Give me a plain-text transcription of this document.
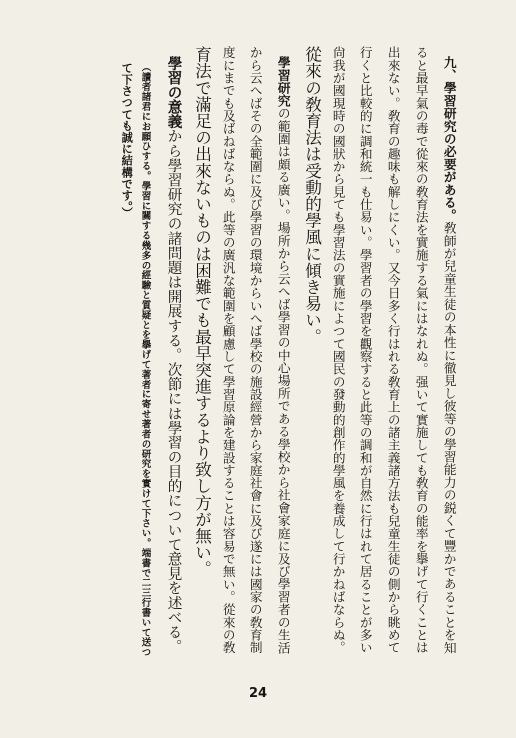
九、學習研究の必要がある。敎師が兒童生徒の本性に徹見し彼等の學習能力の鋭くて豐かであることを知
ると最早氣の毒で從來の敎育法を實施する氣にはなれぬ。强いて實施しても敎育の能率を擧げて行くことは
出來ない。敎育の趣味も解しにくい。又今日多く行はれる敎育上の諸主義諸方法も兒童生徒の側から眺めて
行くと比較的に調和統一も仕易い。學習者の學習を觀察すると此等の調和が自然に行はれて居ることが多い
尙我が國現時の國狀から見ても學習法の實施によつて國民の發動的創作的學風を養成して行かねばならぬ。
從來の敎育法は受動的學風に傾き易い。
學習研究の範圍は頗る廣い。場所から云へば學習の中心場所である學校から社會家庭に及び學習者の生活
から云へばその全範圍に及び學習の環境からいへば學校の施設經營から家庭社會に及び遂には國家の敎育制
度にまでも及ばねばならぬ。此等の廣汎な範圍を顧慮して學習原論を建設することは容易で無い。從來の敎
育法で滿足の出來ないものは困難でも最早突進するより致し方が無い。
學習の意義から學習研究の諸問題は開展する。次節には學習の目的について意見を述べる。
（讀者諸君にお願ひする。學習に關する幾多の經驗と質疑とを擧げて著者に寄せ著者の研究を實けて下さい。端書で二三行書いて送つ
て下さつても誠に結構です。）
24
